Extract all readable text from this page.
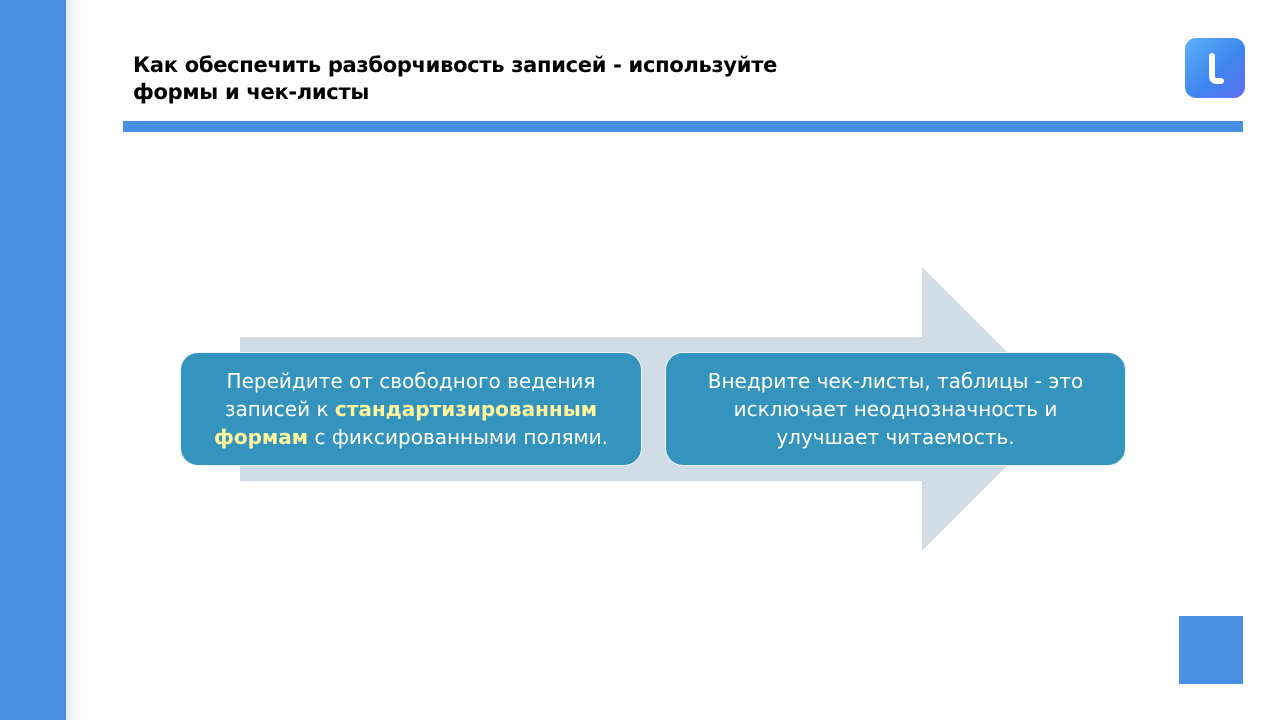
Как обеспечить разборчивость записей - используйте
формы и чек-листы
Перейдите от свободного ведения
записей к стандартизированным
формам с фиксированными полями.
Внедрите чек-листы, таблицы - это
исключает неоднозначность и
улучшает читаемость.
